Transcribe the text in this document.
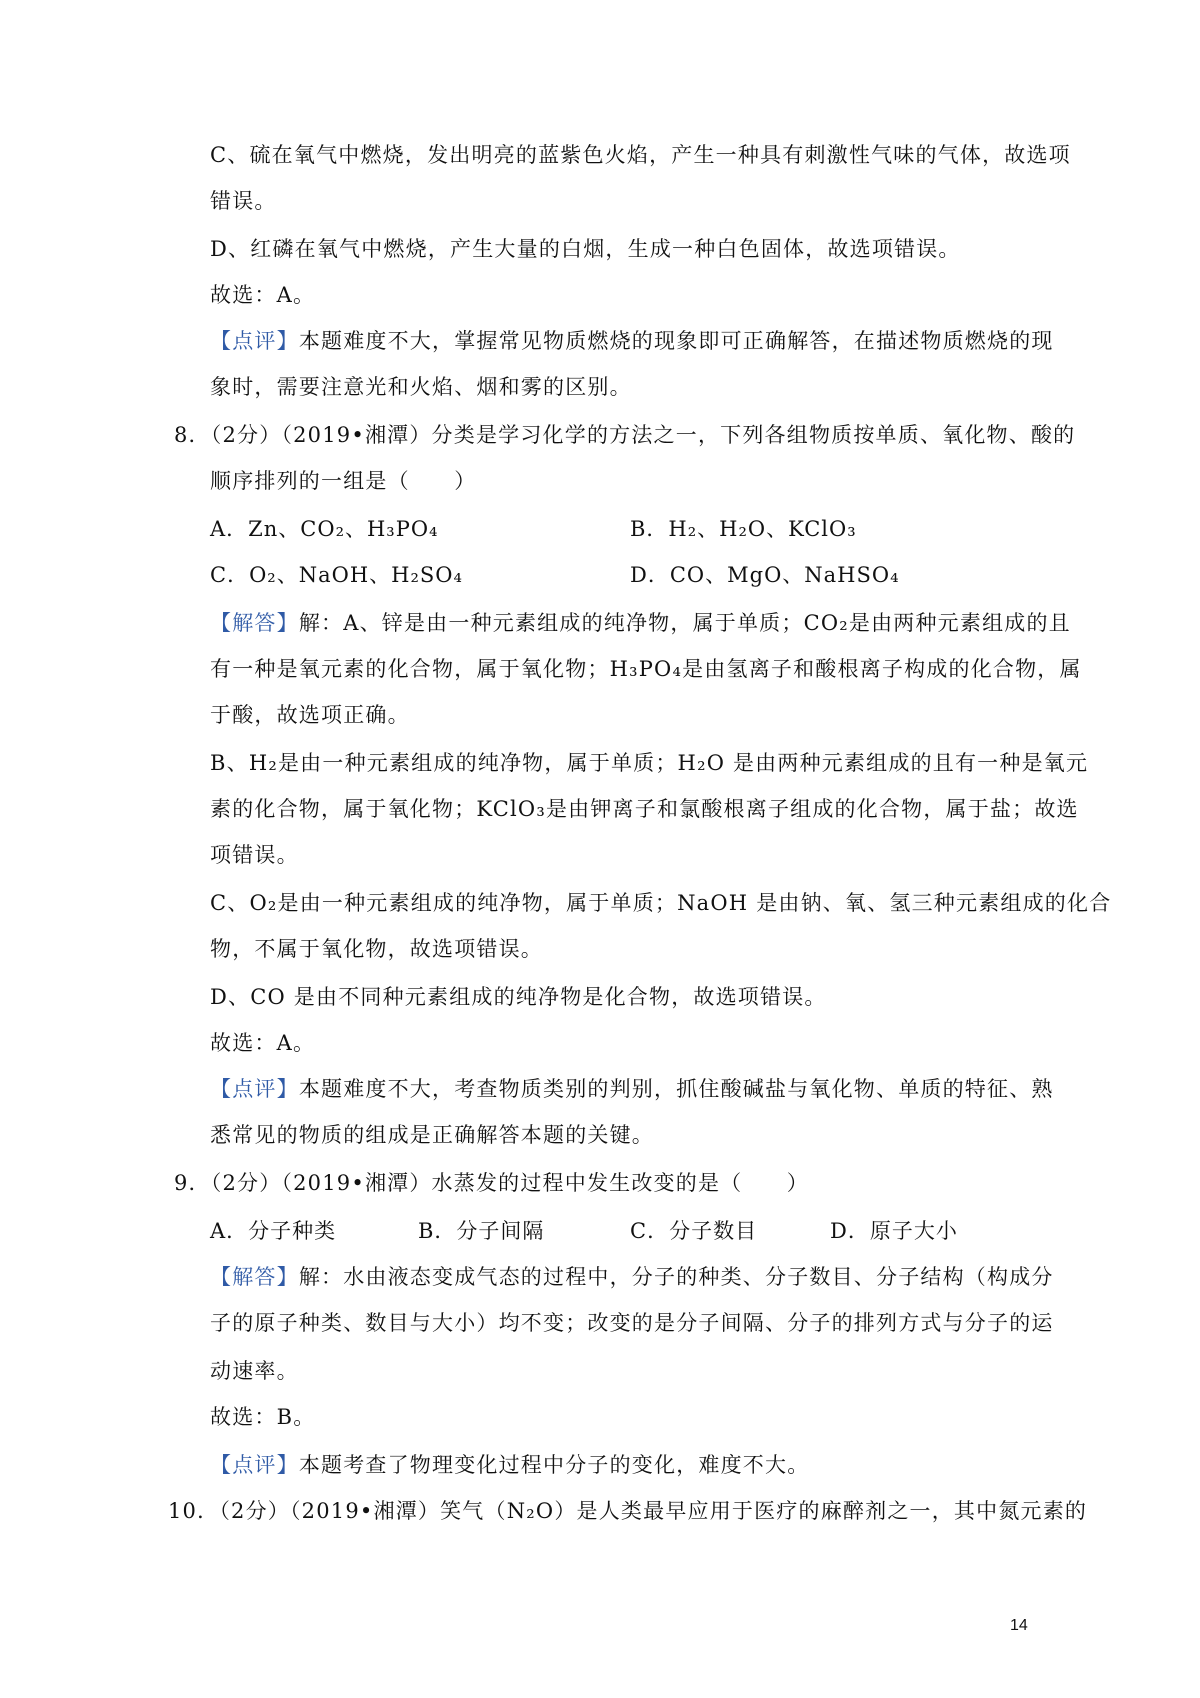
C、硫在氧气中燃烧，发出明亮的蓝紫色火焰，产生一种具有刺激性气味的气体，故选项
错误。
D、红磷在氧气中燃烧，产生大量的白烟，生成一种白色固体，故选项错误。
故选：A。
【点评】本题难度不大，掌握常见物质燃烧的现象即可正确解答，在描述物质燃烧的现
象时，需要注意光和火焰、烟和雾的区别。
8．（2分）（2019•湘潭）分类是学习化学的方法之一，下列各组物质按单质、氧化物、酸的
顺序排列的一组是（　　）
A．Zn、CO₂、H₃PO₄	B．H₂、H₂O、KClO₃
C．O₂、NaOH、H₂SO₄	D．CO、MgO、NaHSO₄
【解答】解：A、锌是由一种元素组成的纯净物，属于单质；CO₂是由两种元素组成的且
有一种是氧元素的化合物，属于氧化物；H₃PO₄是由氢离子和酸根离子构成的化合物，属
于酸，故选项正确。
B、H₂是由一种元素组成的纯净物，属于单质；H₂O 是由两种元素组成的且有一种是氧元
素的化合物，属于氧化物；KClO₃是由钾离子和氯酸根离子组成的化合物，属于盐；故选
项错误。
C、O₂是由一种元素组成的纯净物，属于单质；NaOH 是由钠、氧、氢三种元素组成的化合
物，不属于氧化物，故选项错误。
D、CO 是由不同种元素组成的纯净物是化合物，故选项错误。
故选：A。
【点评】本题难度不大，考查物质类别的判别，抓住酸碱盐与氧化物、单质的特征、熟
悉常见的物质的组成是正确解答本题的关键。
9．（2分）（2019•湘潭）水蒸发的过程中发生改变的是（　　）
A．分子种类	B．分子间隔	C．分子数目	D．原子大小
【解答】解：水由液态变成气态的过程中，分子的种类、分子数目、分子结构（构成分
子的原子种类、数目与大小）均不变；改变的是分子间隔、分子的排列方式与分子的运
动速率。
故选：B。
【点评】本题考查了物理变化过程中分子的变化，难度不大。
10．（2分）（2019•湘潭）笑气（N₂O）是人类最早应用于医疗的麻醉剂之一，其中氮元素的
14
